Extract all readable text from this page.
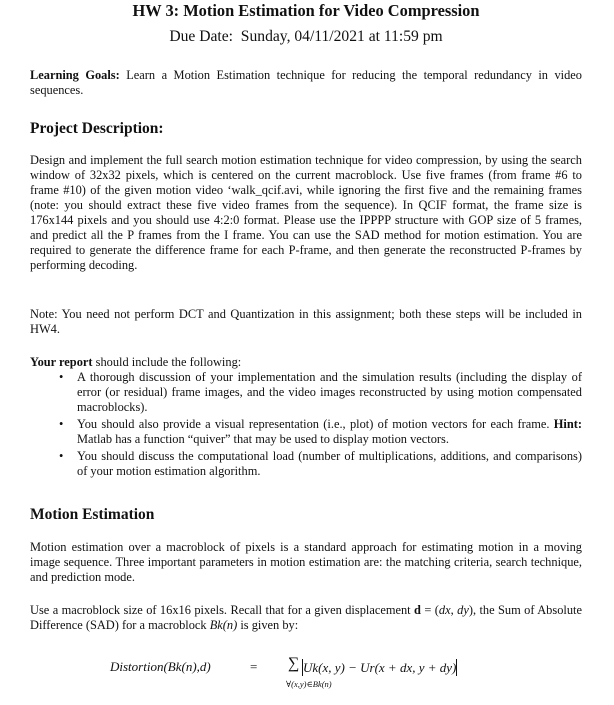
HW 3: Motion Estimation for Video Compression
Due Date: Sunday, 04/11/2021 at 11:59 pm
Learning Goals: Learn a Motion Estimation technique for reducing the temporal redundancy in video sequences.
Project Description:
Design and implement the full search motion estimation technique for video compression, by using the search window of 32x32 pixels, which is centered on the current macroblock. Use five frames (from frame #6 to frame #10) of the given motion video ‘walk_qcif.avi, while ignoring the first five and the remaining frames (note: you should extract these five video frames from the sequence). In QCIF format, the frame size is 176x144 pixels and you should use 4:2:0 format. Please use the IPPPP structure with GOP size of 5 frames, and predict all the P frames from the I frame. You can use the SAD method for motion estimation. You are required to generate the difference frame for each P-frame, and then generate the reconstructed P-frames by performing decoding.
Note: You need not perform DCT and Quantization in this assignment; both these steps will be included in HW4.
Your report should include the following:
• A thorough discussion of your implementation and the simulation results (including the display of error (or residual) frame images, and the video images reconstructed by using motion compensated macroblocks).
• You should also provide a visual representation (i.e., plot) of motion vectors for each frame. Hint: Matlab has a function “quiver” that may be used to display motion vectors.
• You should discuss the computational load (number of multiplications, additions, and comparisons) of your motion estimation algorithm.
Motion Estimation
Motion estimation over a macroblock of pixels is a standard approach for estimating motion in a moving image sequence. Three important parameters in motion estimation are: the matching criteria, search technique, and prediction mode.
Use a macroblock size of 16x16 pixels. Recall that for a given displacement d = (dx, dy), the Sum of Absolute Difference (SAD) for a macroblock Bk(n) is given by:
Distortion(Bk(n),d)	= ∑ Uk(x, y) − Ur(x + dx, y + dy)
∀(x,y)∈Bk(n)
